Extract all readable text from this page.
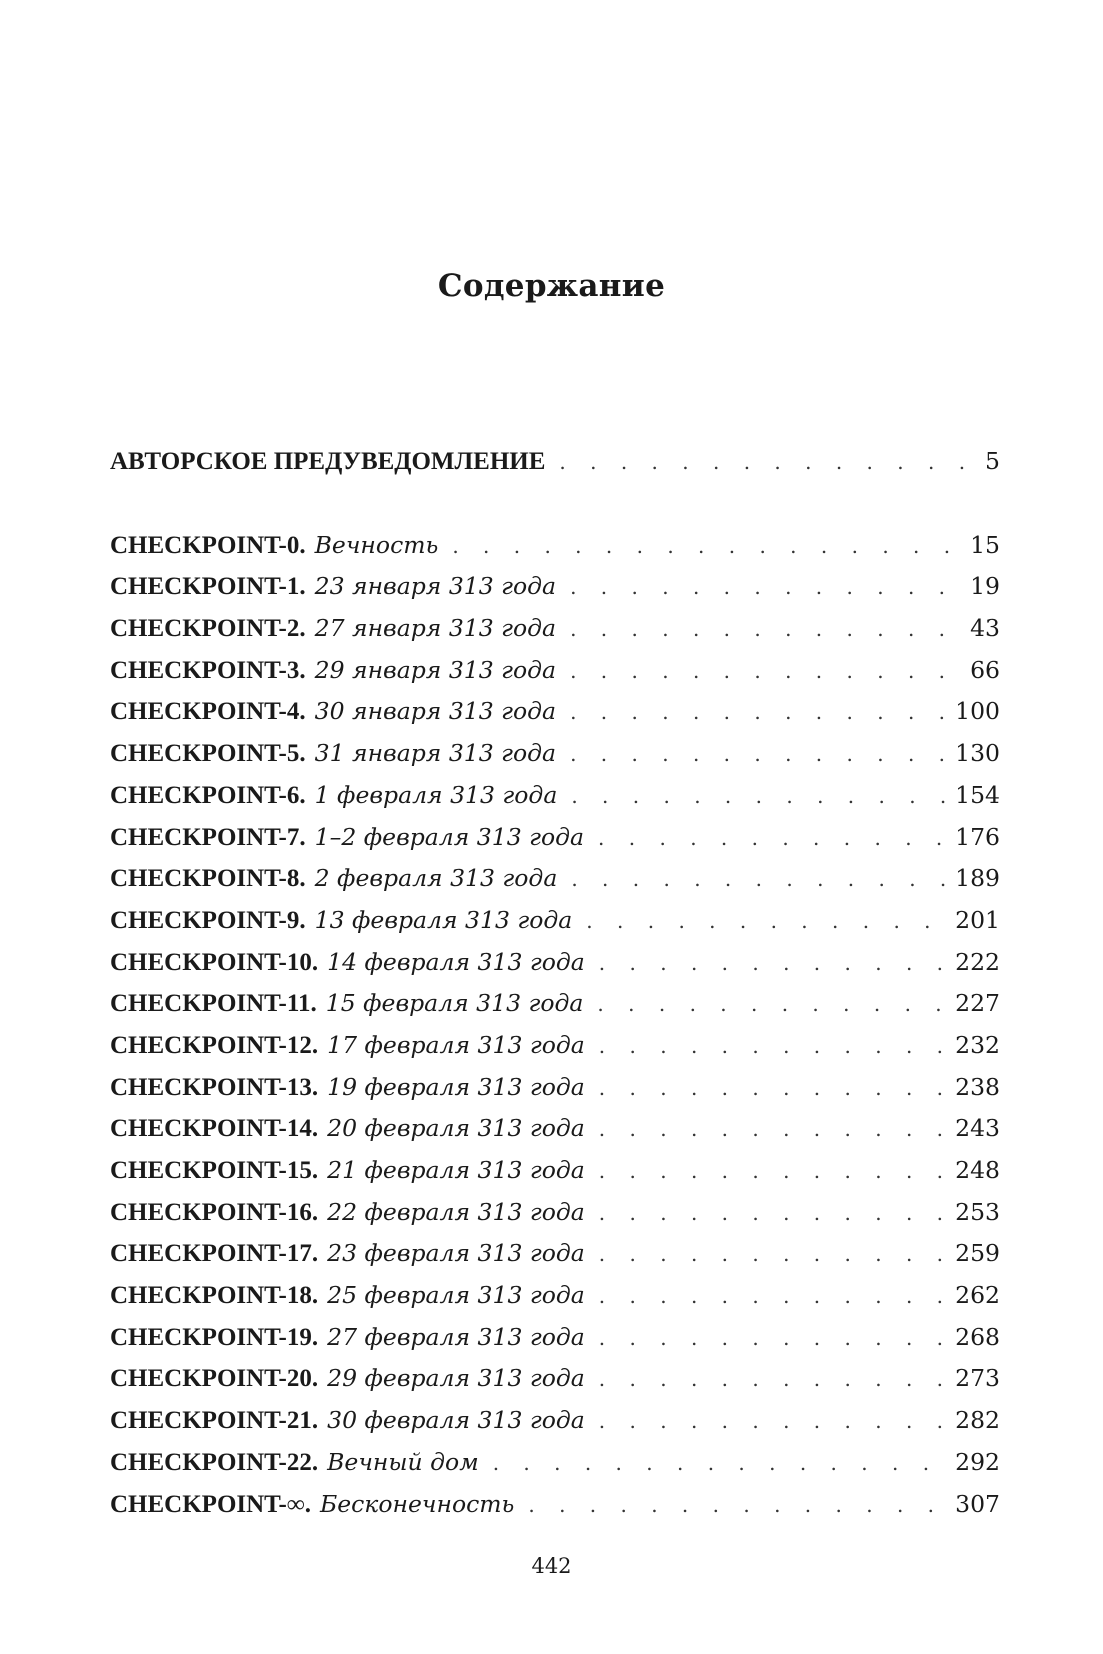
Содержание
АВТОРСКОЕ ПРЕДУВЕДОМЛЕНИЕ . . .	5
CHECKPOINT-0. Вечность . . .	15
CHECKPOINT-1. 23 января 313 года . . .	19
CHECKPOINT-2. 27 января 313 года . . .	43
CHECKPOINT-3. 29 января 313 года . . .	66
CHECKPOINT-4. 30 января 313 года . . .	100
CHECKPOINT-5. 31 января 313 года . . .	130
CHECKPOINT-6. 1 февраля 313 года . . .	154
CHECKPOINT-7. 1–2 февраля 313 года . . .	176
CHECKPOINT-8. 2 февраля 313 года . . .	189
CHECKPOINT-9. 13 февраля 313 года . . .	201
CHECKPOINT-10. 14 февраля 313 года . . .	222
CHECKPOINT-11. 15 февраля 313 года . . .	227
CHECKPOINT-12. 17 февраля 313 года . . .	232
CHECKPOINT-13. 19 февраля 313 года . . .	238
CHECKPOINT-14. 20 февраля 313 года . . .	243
CHECKPOINT-15. 21 февраля 313 года . . .	248
CHECKPOINT-16. 22 февраля 313 года . . .	253
CHECKPOINT-17. 23 февраля 313 года . . .	259
CHECKPOINT-18. 25 февраля 313 года . . .	262
CHECKPOINT-19. 27 февраля 313 года . . .	268
CHECKPOINT-20. 29 февраля 313 года . . .	273
CHECKPOINT-21. 30 февраля 313 года . . .	282
CHECKPOINT-22. Вечный дом . . .	292
CHECKPOINT-∞. Бесконечность . . .	307
442
